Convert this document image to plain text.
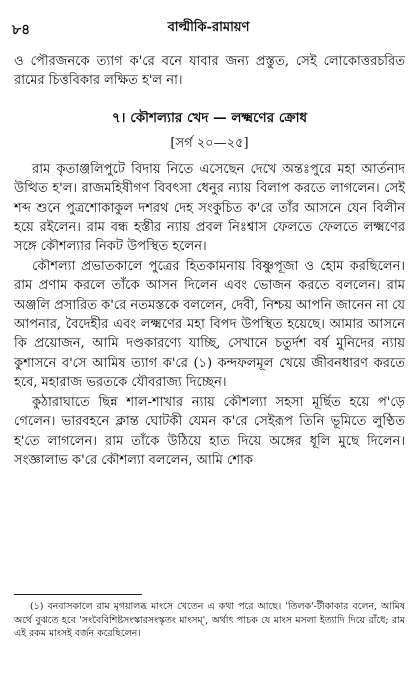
৮৪	বাল্মীকি-রামায়ণ

ও পৌরজনকে ত্যাগ ক'রে বনে যাবার জন্য প্রস্তুত, সেই লোকোত্তরচরিত রামের চিত্তবিকার লক্ষিত হ'ল না।

৭। কৌশল্যার খেদ — লক্ষ্মণের ক্রোধ
[সর্গ ২০—২৫]

রাম কৃতাঞ্জলিপুটে বিদায় নিতে এসেছেন দেখে অন্তঃপুরে মহা আর্তনাদ উত্থিত হ'ল। রাজমহিষীগণ বিবৎসা ধেনুর ন্যায় বিলাপ করতে লাগলেন। সেই শব্দ শুনে পুত্রশোকাকুল দশরথ দেহ সংকুচিত ক'রে তাঁর আসনে যেন বিলীন হয়ে রইলেন। রাম বন্ধ হস্তীর ন্যায় প্রবল নিঃশ্বাস ফেলতে ফেলতে লক্ষ্মণের সঙ্গে কৌশল্যার নিকট উপস্থিত হলেন।

কৌশল্যা প্রভাতকালে পুত্রের হিতকামনায় বিষ্ণুপূজা ও হোম করছিলেন। রাম প্রণাম করলে তাঁকে আসন দিলেন এবং ভোজন করতে বললেন। রাম অঞ্জলি প্রসারিত ক'রে নতমস্তকে বললেন, দেবী, নিশ্চয় আপনি জানেন না যে আপনার, বৈদেহীর এবং লক্ষ্মণের মহা বিপদ উপস্থিত হয়েছে। আমার আসনে কি প্রয়োজন, আমি দণ্ডকারণ্যে যাচ্ছি, সেখানে চতুর্দশ বর্ষ মুনিদের ন্যায় কুশাসনে ব'সে আমিষ ত্যাগ ক'রে (১) কন্দফলমূল খেয়ে জীবনধারণ করতে হবে, মহারাজ ভরতকে যৌবরাজ্য দিচ্ছেন।

কুঠারাঘাতে ছিন্ন শাল-শাখার ন্যায় কৌশল্যা সহসা মূর্ছিত হয়ে প'ড়ে গেলেন। ভারবহনে ক্লান্ত ঘোটকী যেমন ক'রে সেইরূপ তিনি ভূমিতে লুণ্ঠিত হ'তে লাগলেন। রাম তাঁকে উঠিয়ে হাত দিয়ে অঙ্গের ধূলি মুছে দিলেন। সংজ্ঞালাভ ক'রে কৌশল্যা বললেন, আমি শোক

(১) বনবাসকালে রাম মৃগয়ালব্ধ মাংসে খেতেন এ কথা পরে আছে। 'তিলক'-টীকাকার বলেন, আমিষ অর্থে বুঝতে হবে 'সংবৈবিশিষ্টসংস্কারসংস্কৃতং মাংসম্', অর্থাৎ পাচক যে মাংস মসলা ইত্যাদি দিয়ে রাঁধে; রাম এই রকম মাংসই বর্জন করেছিলেন।
